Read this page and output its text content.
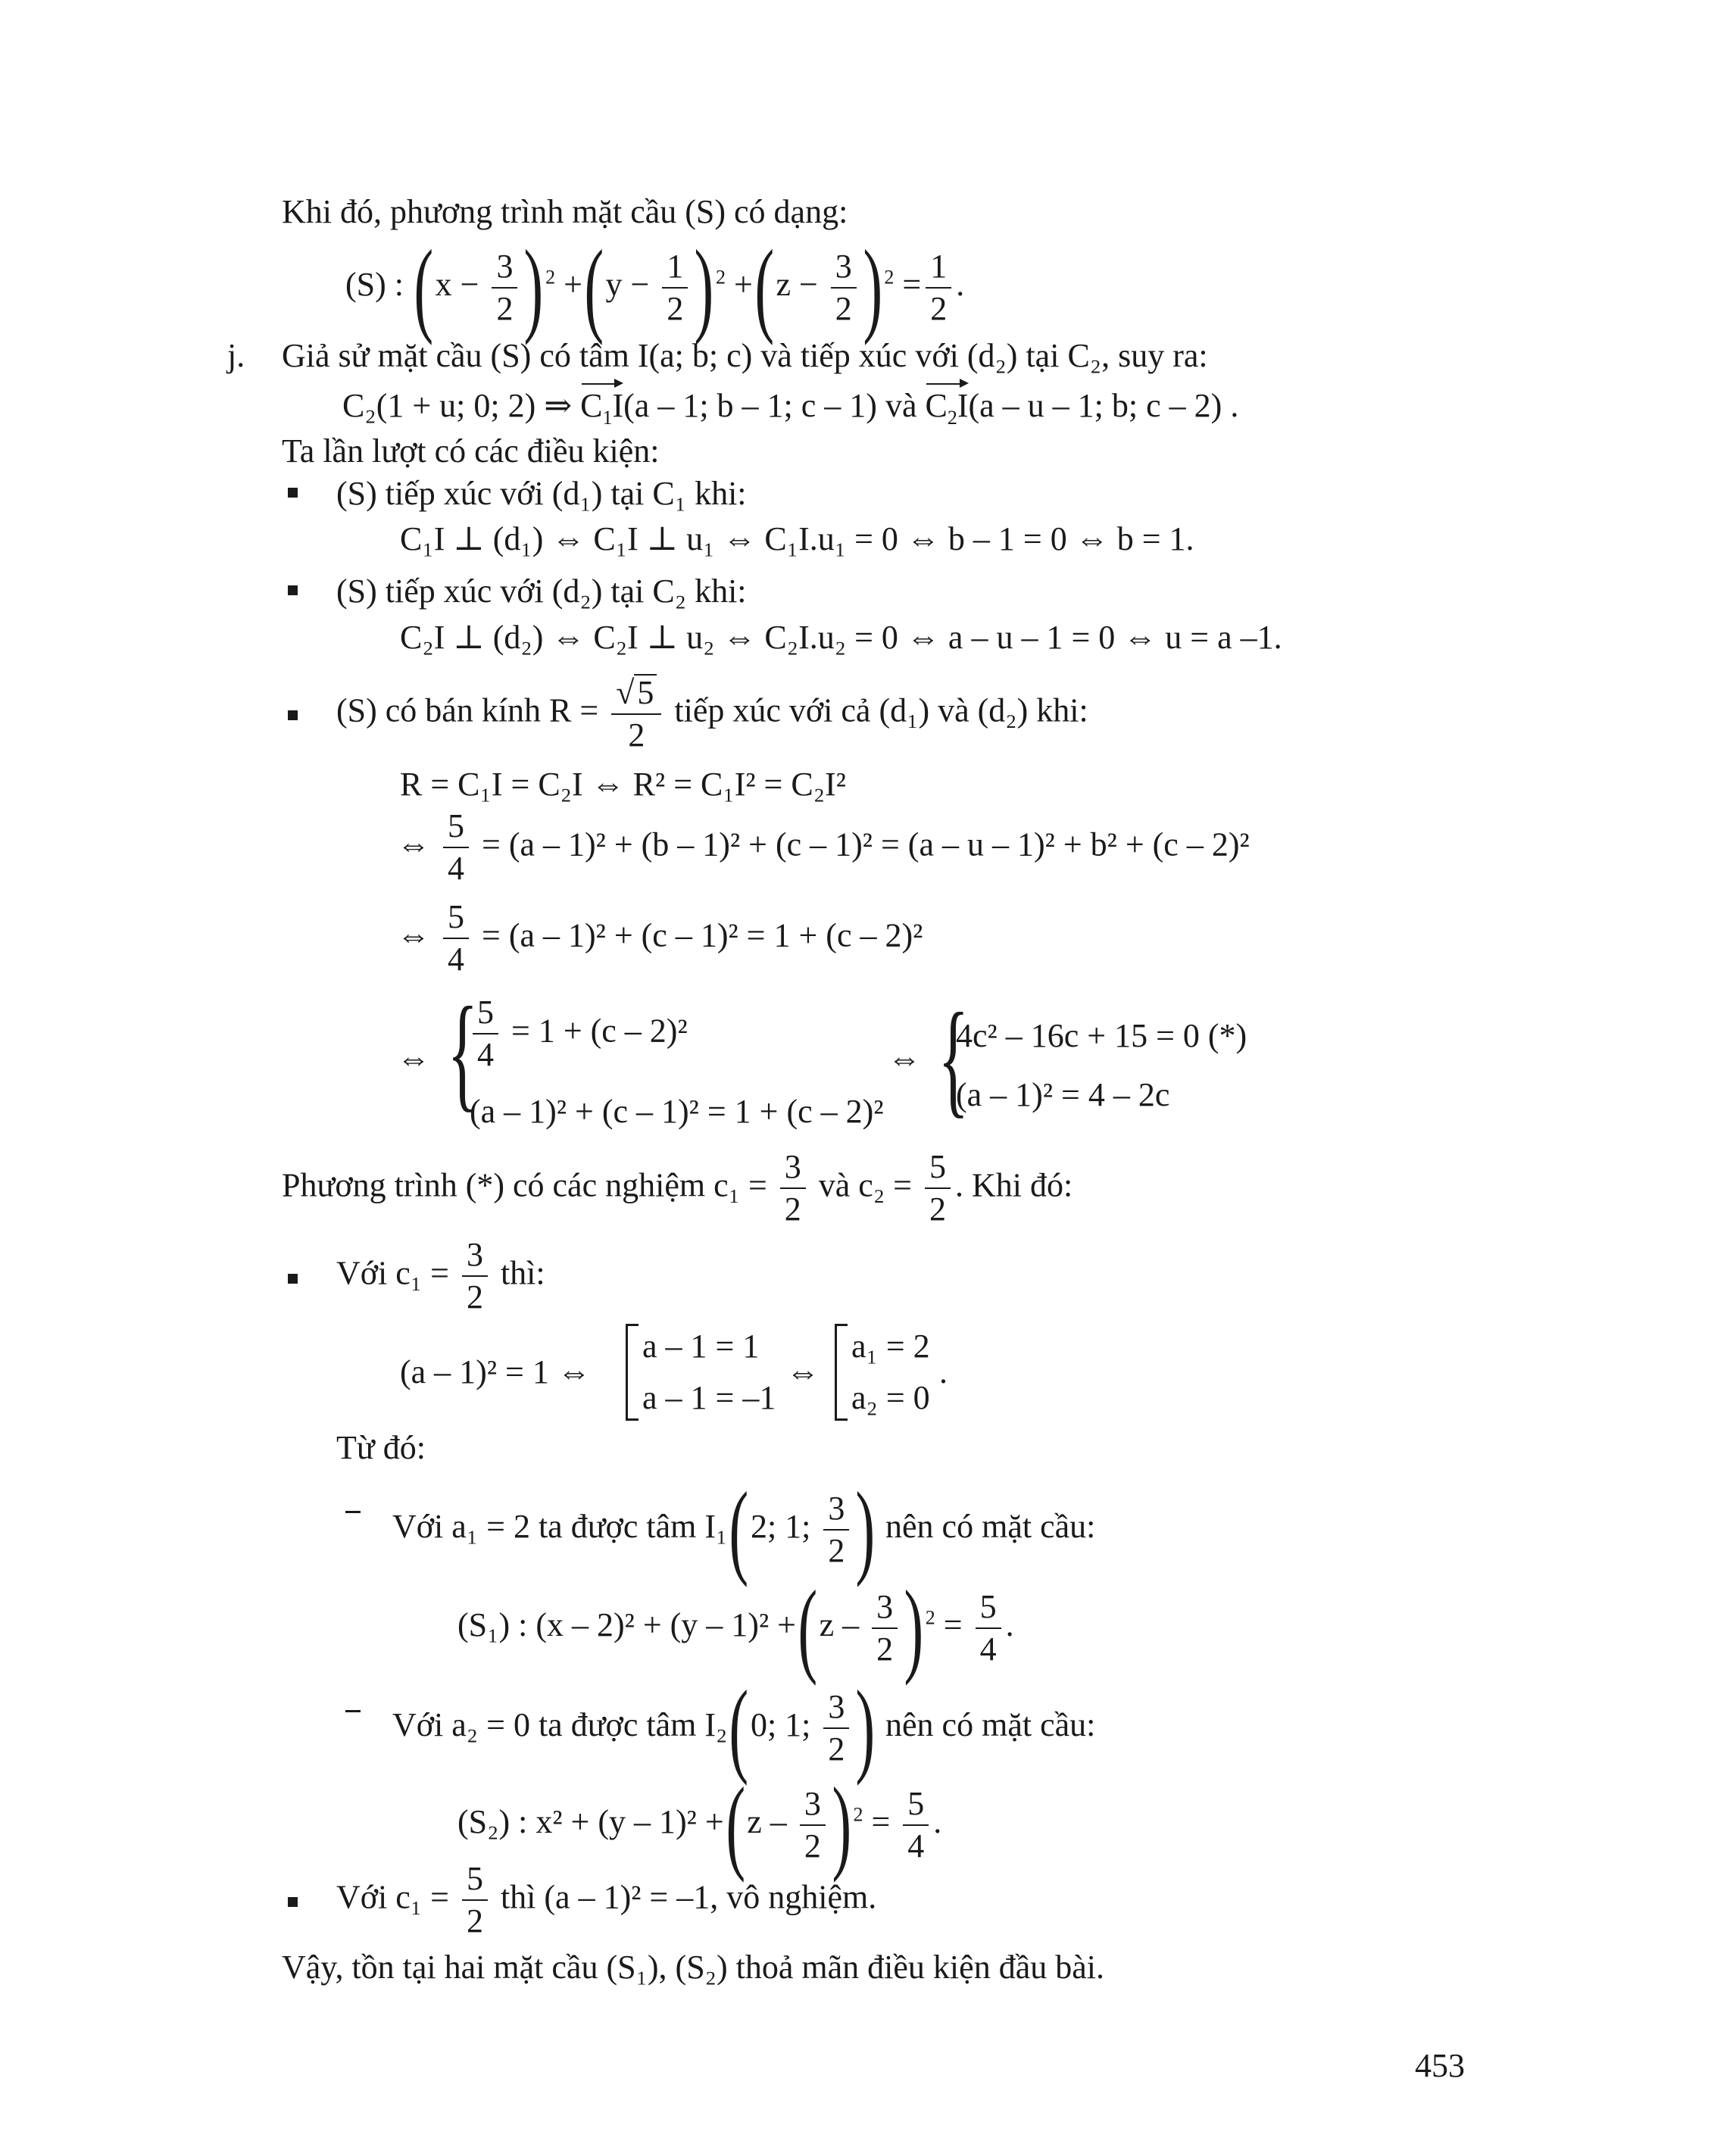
Khi đó, phương trình mặt cầu (S) có dạng:
(S) : $(x - \frac{3}{2} )^2 +(y - \frac{1}{2} )^2 +(z - \frac{3}{2} )^2 = \frac{1}{2}$ .
j. Giả sử mặt cầu (S) có tâm I(a; b; c) và tiếp xúc với (d₂) tại C₂, suy ra:
C₂(1 + u; 0; 2) ⇒ $C_1I(a - 1$; b – 1; c – 1) và $C_2I(a$ – u – 1; b; c – 2) .
Ta lần lượt có các điều kiện:
(S) tiếp xúc với (d₁) tại C₁ khi:
C₁I ⊥ (d₁) ⇔ C₁I ⊥ u₁ ⇔ C₁I.u₁ = 0 ⇔ b – 1 = 0 ⇔ b = 1.
(S) tiếp xúc với (d₂) tại C₂ khi:
C₂I ⊥ (d₂) ⇔ C₂I ⊥ u₂ ⇔ C₂I.u₂ = 0 ⇔ a – u – 1 = 0 ⇔ u = a –1.
(S) có bán kính $R = \frac{√5}{2}$ tiếp xúc với cả (d₁) và (d₂) khi:
R = C₁I = C₂I ⇔ R² = C₁I² = C₂I²
⇔ $\frac{5}{4} = (a - 1)^2 + (b - 1)^2 + (c - 1)^2 = (a - u - 1)^2 + b^2 + (c - 2)^2$
⇔ $\frac{5}{4} = (a - 1)^2 + (c - 1)^2 = 1 + (c - 2)^2$
⇔ {
$\frac{5}{4} = 1 + (c - 2)^2$
(a – 1)² + (c – 1)² = 1 + (c – 2)²
⇔ {
4c² – 16c + 15 = 0 (*)
(a – 1)² = 4 – 2c
Phương trình (*) có các nghiệm $c_1 = \frac{3}{2}$ và $c_2 = \frac{5}{2}$ . Khi đó:
Với $c_1 = \frac{3}{2}$ thì:
(a – 1)² = 1 ⇔
a – 1 = 1
a – 1 = –1
⇔
a₁ = 2
a₂ = 0
.
Từ đó:
Với a₁ = 2 ta được tâm I₁(2; 1; $\frac{3}{2}$ ) nên có mặt cầu:
(S₁) : $(x - 2)^2 + (y - 1)^2 +(z - \frac{3}{2} )^2 = \frac{5}{4}$ .
Với a₂ = 0 ta được tâm I₂(0; 1; $\frac{3}{2}$ ) nên có mặt cầu:
(S₂) : $x^2 + (y - 1)^2 +(z - \frac{3}{2} )^2 = \frac{5}{4}$ .
Với $c_1 = \frac{5}{2}$ thì (a – 1)² = –1, vô nghiệm.
Vậy, tồn tại hai mặt cầu (S₁), (S₂) thoả mãn điều kiện đầu bài.
453
